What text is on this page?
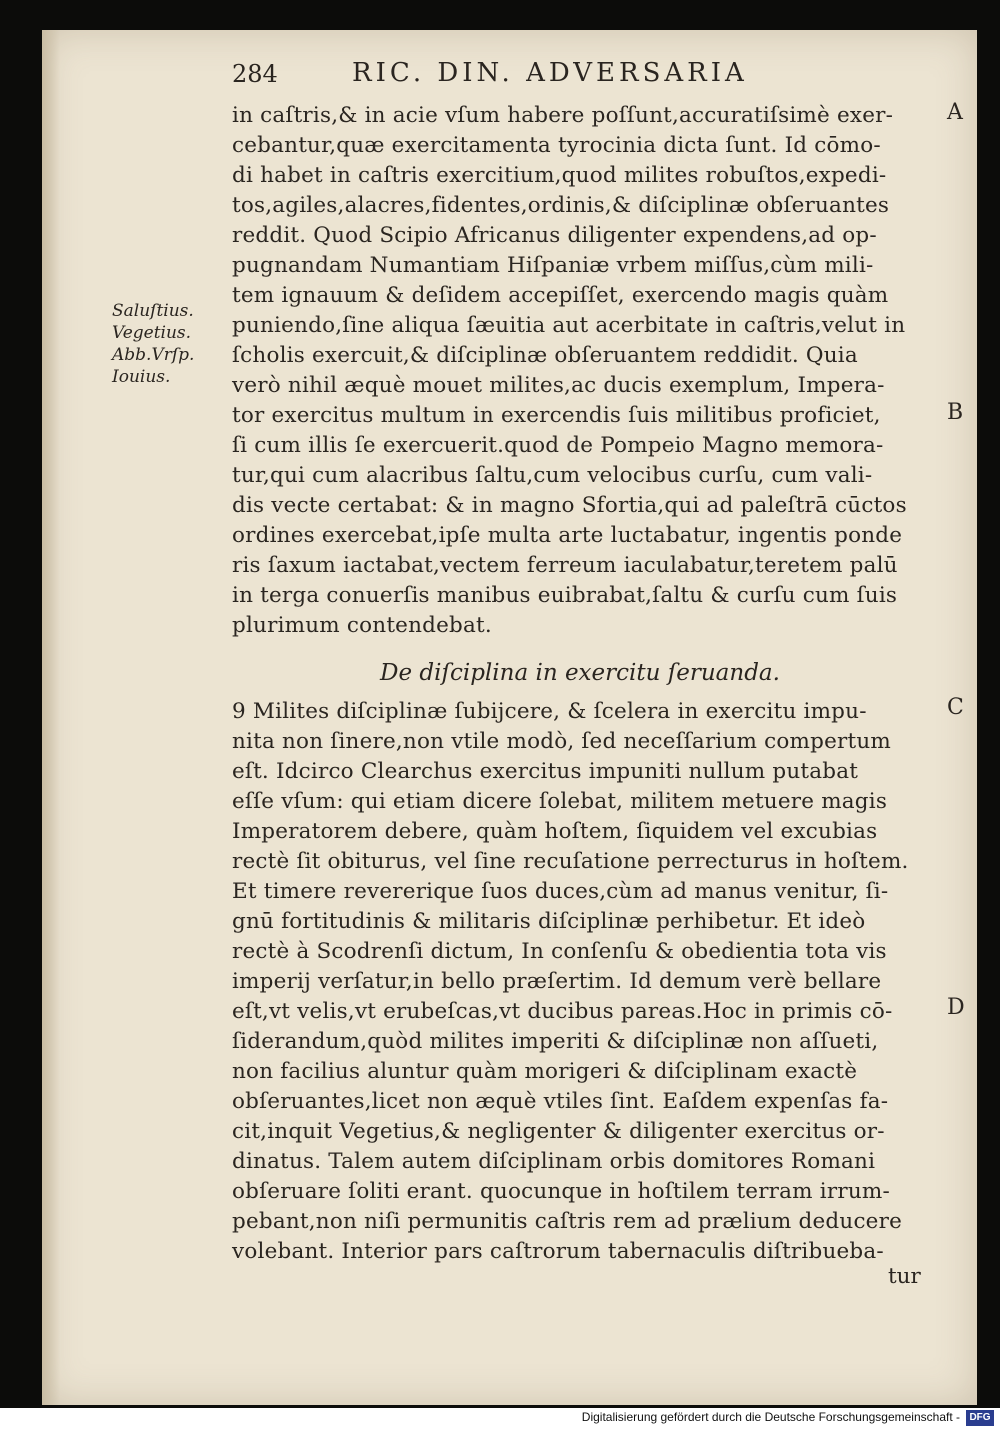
284	RIC. DIN. ADVERSARIA
Saluſtius.
Vegetius.
Abb.Vrſp.
Iouius.
A
B
C
D
in caſtris,& in acie vſum habere poſſunt,accuratiſsimè exer-
cebantur,quæ exercitamenta tyrocinia dicta ſunt. Id cōmo-
di habet in caſtris exercitium,quod milites robuſtos,expedi-
tos,agiles,alacres,fidentes,ordinis,& diſciplinæ obſeruantes
reddit. Quod Scipio Africanus diligenter expendens,ad op-
pugnandam Numantiam Hiſpaniæ vrbem miſſus,cùm mili-
tem ignauum & deſidem accepiſſet, exercendo magis quàm
puniendo,ſine aliqua ſæuitia aut acerbitate in caſtris,velut in
ſcholis exercuit,& diſciplinæ obſeruantem reddidit. Quia
verò nihil æquè mouet milites,ac ducis exemplum, Impera-
tor exercitus multum in exercendis ſuis militibus proficiet,
ſi cum illis ſe exercuerit.quod de Pompeio Magno memora-
tur,qui cum alacribus ſaltu,cum velocibus curſu, cum vali-
dis vecte certabat: & in magno Sfortia,qui ad paleſtrā cūctos
ordines exercebat,ipſe multa arte luctabatur, ingentis ponde
ris ſaxum iactabat,vectem ferreum iaculabatur,teretem palū
in terga conuerſis manibus euibrabat,ſaltu & curſu cum ſuis
plurimum contendebat.
De diſciplina in exercitu ſeruanda.
9 Milites diſciplinæ ſubijcere, & ſcelera in exercitu impu-
nita non ſinere,non vtile modò, ſed neceſſarium compertum
eſt. Idcirco Clearchus exercitus impuniti nullum putabat
eſſe vſum: qui etiam dicere ſolebat, militem metuere magis
Imperatorem debere, quàm hoſtem, ſiquidem vel excubias
rectè ſit obiturus, vel ſine recuſatione perrecturus in hoſtem.
Et timere revererique ſuos duces,cùm ad manus venitur, ſi-
gnū fortitudinis & militaris diſciplinæ perhibetur. Et ideò
rectè à Scodrenſi dictum, In conſenſu & obedientia tota vis
imperij verſatur,in bello præſertim. Id demum verè bellare
eſt,vt velis,vt erubeſcas,vt ducibus pareas.Hoc in primis cō-
ſiderandum,quòd milites imperiti & diſciplinæ non aſſueti,
non facilius aluntur quàm morigeri & diſciplinam exactè
obſeruantes,licet non æquè vtiles ſint. Eaſdem expenſas fa-
cit,inquit Vegetius,& negligenter & diligenter exercitus or-
dinatus. Talem autem diſciplinam orbis domitores Romani
obſeruare ſoliti erant. quocunque in hoſtilem terram irrum-
pebant,non niſi permunitis caſtris rem ad prælium deducere
volebant. Interior pars caſtrorum tabernaculis diſtribueba-
tur
Digitalisierung gefördert durch die Deutsche Forschungsgemeinschaft - DFG
